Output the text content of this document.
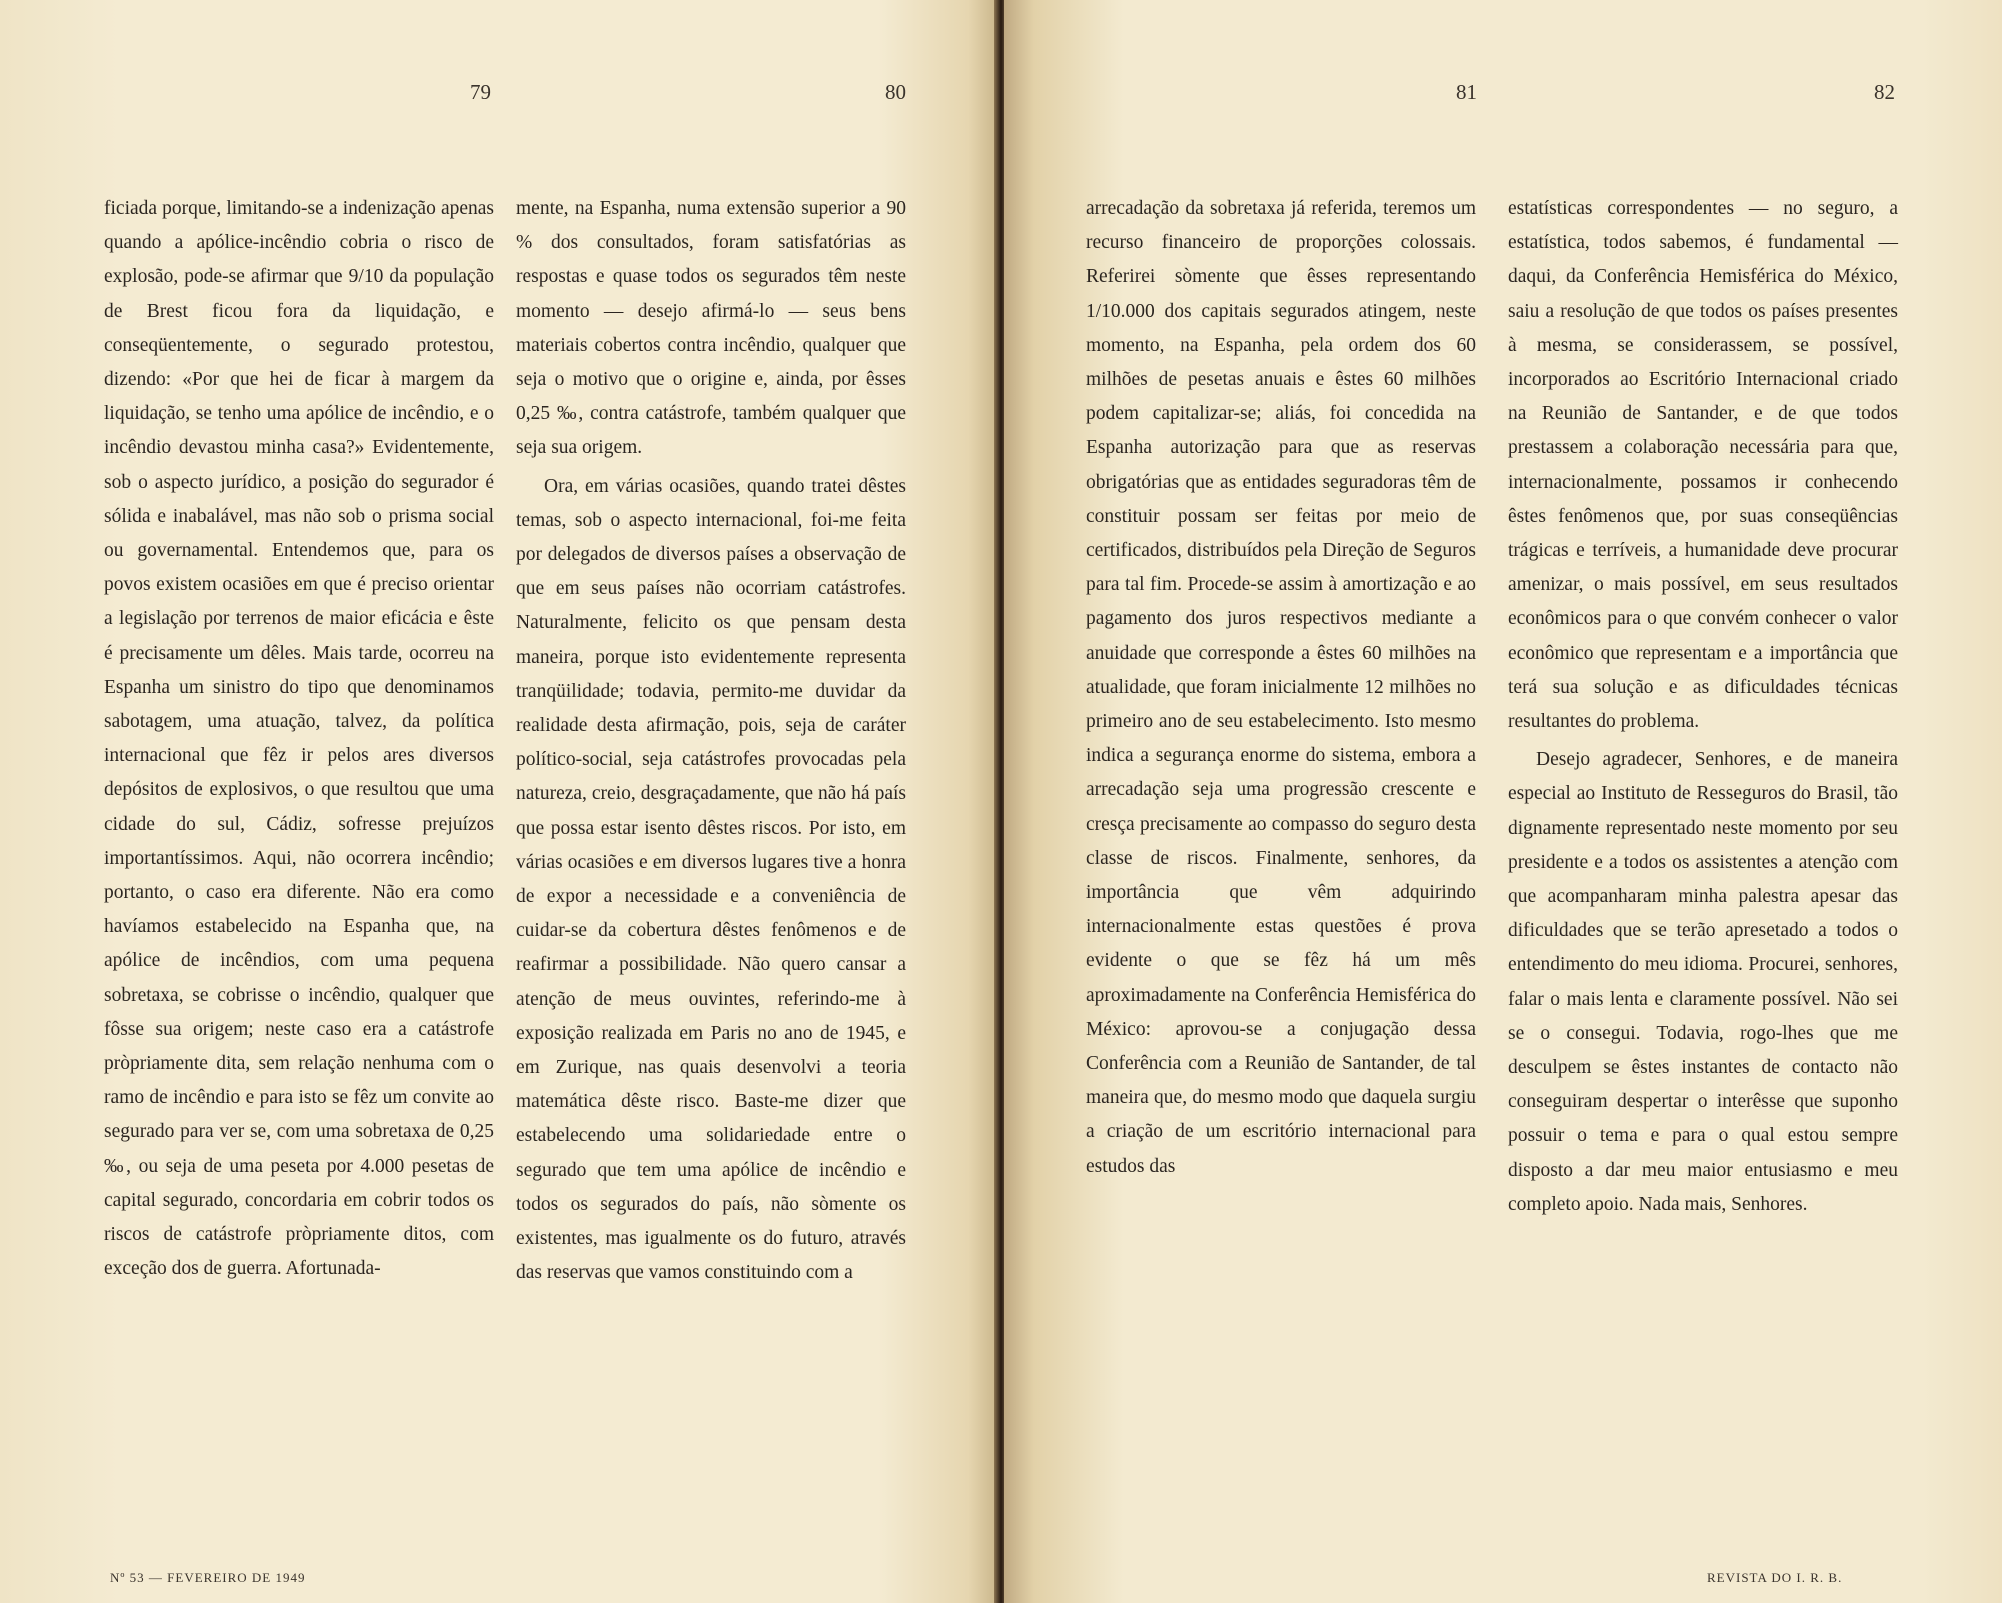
79	80

ficiada porque, limitando-se a indenização apenas quando a apólice-incêndio cobria o risco de explosão, pode-se afirmar que 9/10 da população de Brest ficou fora da liquidação, e conseqüentemente, o segurado protestou, dizendo: «Por que hei de ficar à margem da liquidação, se tenho uma apólice de incêndio, e o incêndio devastou minha casa?» Evidentemente, sob o aspecto jurídico, a posição do segurador é sólida e inabalável, mas não sob o prisma social ou governamental. Entendemos que, para os povos existem ocasiões em que é preciso orientar a legislação por terrenos de maior eficácia e êste é precisamente um dêles. Mais tarde, ocorreu na Espanha um sinistro do tipo que denominamos sabotagem, uma atuação, talvez, da política internacional que fêz ir pelos ares diversos depósitos de explosivos, o que resultou que uma cidade do sul, Cádiz, sofresse prejuízos importantíssimos. Aqui, não ocorrera incêndio; portanto, o caso era diferente. Não era como havíamos estabelecido na Espanha que, na apólice de incêndios, com uma pequena sobretaxa, se cobrisse o incêndio, qualquer que fôsse sua origem; neste caso era a catástrofe pròpriamente dita, sem relação nenhuma com o ramo de incêndio e para isto se fêz um convite ao segurado para ver se, com uma sobretaxa de 0,25 ‰, ou seja de uma peseta por 4.000 pesetas de capital segurado, concordaria em cobrir todos os riscos de catástrofe pròpriamente ditos, com exceção dos de guerra. Afortunada-

mente, na Espanha, numa extensão superior a 90 % dos consultados, foram satisfatórias as respostas e quase todos os segurados têm neste momento — desejo afirmá-lo — seus bens materiais cobertos contra incêndio, qualquer que seja o motivo que o origine e, ainda, por êsses 0,25 ‰, contra catástrofe, também qualquer que seja sua origem.

Ora, em várias ocasiões, quando tratei dêstes temas, sob o aspecto internacional, foi-me feita por delegados de diversos países a observação de que em seus países não ocorriam catástrofes. Naturalmente, felicito os que pensam desta maneira, porque isto evidentemente representa tranqüilidade; todavia, permito-me duvidar da realidade desta afirmação, pois, seja de caráter político-social, seja catástrofes provocadas pela natureza, creio, desgraçadamente, que não há país que possa estar isento dêstes riscos. Por isto, em várias ocasiões e em diversos lugares tive a honra de expor a necessidade e a conveniência de cuidar-se da cobertura dêstes fenômenos e de reafirmar a possibilidade. Não quero cansar a atenção de meus ouvintes, referindo-me à exposição realizada em Paris no ano de 1945, e em Zurique, nas quais desenvolvi a teoria matemática dêste risco. Baste-me dizer que estabelecendo uma solidariedade entre o segurado que tem uma apólice de incêndio e todos os segurados do país, não sòmente os existentes, mas igualmente os do futuro, através das reservas que vamos constituindo com a

Nº 53 — FEVEREIRO DE 1949
81	82

arrecadação da sobretaxa já referida, teremos um recurso financeiro de proporções colossais. Referirei sòmente que êsses representando 1/10.000 dos capitais segurados atingem, neste momento, na Espanha, pela ordem dos 60 milhões de pesetas anuais e êstes 60 milhões podem capitalizar-se; aliás, foi concedida na Espanha autorização para que as reservas obrigatórias que as entidades seguradoras têm de constituir possam ser feitas por meio de certificados, distribuídos pela Direção de Seguros para tal fim. Procede-se assim à amortização e ao pagamento dos juros respectivos mediante a anuidade que corresponde a êstes 60 milhões na atualidade, que foram inicialmente 12 milhões no primeiro ano de seu estabelecimento. Isto mesmo indica a segurança enorme do sistema, embora a arrecadação seja uma progressão crescente e cresça precisamente ao compasso do seguro desta classe de riscos. Finalmente, senhores, da importância que vêm adquirindo internacionalmente estas questões é prova evidente o que se fêz há um mês aproximadamente na Conferência Hemisférica do México: aprovou-se a conjugação dessa Conferência com a Reunião de Santander, de tal maneira que, do mesmo modo que daquela surgiu a criação de um escritório internacional para estudos das

estatísticas correspondentes — no seguro, a estatística, todos sabemos, é fundamental — daqui, da Conferência Hemisférica do México, saiu a resolução de que todos os países presentes à mesma, se considerassem, se possível, incorporados ao Escritório Internacional criado na Reunião de Santander, e de que todos prestassem a colaboração necessária para que, internacionalmente, possamos ir conhecendo êstes fenômenos que, por suas conseqüências trágicas e terríveis, a humanidade deve procurar amenizar, o mais possível, em seus resultados econômicos para o que convém conhecer o valor econômico que representam e a importância que terá sua solução e as dificuldades técnicas resultantes do problema.

Desejo agradecer, Senhores, e de maneira especial ao Instituto de Resseguros do Brasil, tão dignamente representado neste momento por seu presidente e a todos os assistentes a atenção com que acompanharam minha palestra apesar das dificuldades que se terão apresetado a todos o entendimento do meu idioma. Procurei, senhores, falar o mais lenta e claramente possível. Não sei se o consegui. Todavia, rogo-lhes que me desculpem se êstes instantes de contacto não conseguiram despertar o interêsse que suponho possuir o tema e para o qual estou sempre disposto a dar meu maior entusiasmo e meu completo apoio. Nada mais, Senhores.

REVISTA DO I. R. B.
